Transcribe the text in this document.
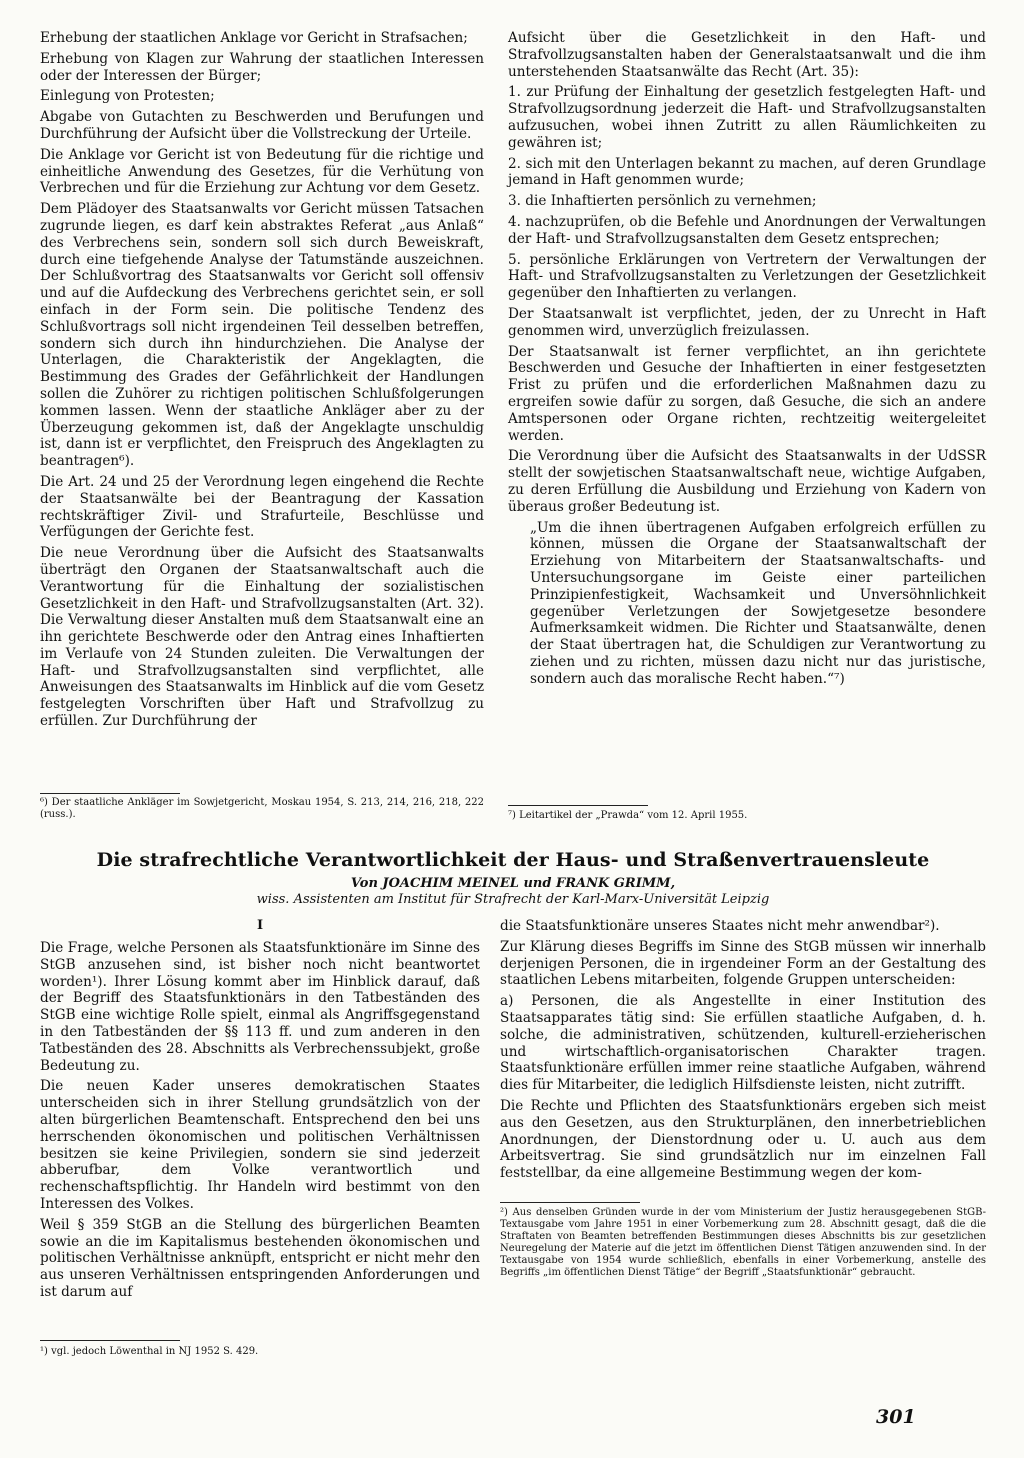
Erhebung der staatlichen Anklage vor Gericht in Strafsachen;

Erhebung von Klagen zur Wahrung der staatlichen Interessen oder der Interessen der Bürger;

Einlegung von Protesten;

Abgabe von Gutachten zu Beschwerden und Berufungen und Durchführung der Aufsicht über die Vollstreckung der Urteile.

Die Anklage vor Gericht ist von Bedeutung für die richtige und einheitliche Anwendung des Gesetzes, für die Verhütung von Verbrechen und für die Erziehung zur Achtung vor dem Gesetz.

Dem Plädoyer des Staatsanwalts vor Gericht müssen Tatsachen zugrunde liegen, es darf kein abstraktes Referat „aus Anlaß“ des Verbrechens sein, sondern soll sich durch Beweiskraft, durch eine tiefgehende Analyse der Tatumstände auszeichnen. Der Schlußvortrag des Staatsanwalts vor Gericht soll offensiv und auf die Aufdeckung des Verbrechens gerichtet sein, er soll einfach in der Form sein. Die politische Tendenz des Schlußvortrags soll nicht irgendeinen Teil desselben betreffen, sondern sich durch ihn hindurchziehen. Die Analyse der Unterlagen, die Charakteristik der Angeklagten, die Bestimmung des Grades der Gefährlichkeit der Handlungen sollen die Zuhörer zu richtigen politischen Schlußfolgerungen kommen lassen. Wenn der staatliche Ankläger aber zu der Überzeugung gekommen ist, daß der Angeklagte unschuldig ist, dann ist er verpflichtet, den Freispruch des Angeklagten zu beantragen⁶).

Die Art. 24 und 25 der Verordnung legen eingehend die Rechte der Staatsanwälte bei der Beantragung der Kassation rechtskräftiger Zivil- und Strafurteile, Beschlüsse und Verfügungen der Gerichte fest.

Die neue Verordnung über die Aufsicht des Staatsanwalts überträgt den Organen der Staatsanwaltschaft auch die Verantwortung für die Einhaltung der sozialistischen Gesetzlichkeit in den Haft- und Strafvollzugsanstalten (Art. 32). Die Verwaltung dieser Anstalten muß dem Staatsanwalt eine an ihn gerichtete Beschwerde oder den Antrag eines Inhaftierten im Verlaufe von 24 Stunden zuleiten. Die Verwaltungen der Haft- und Strafvollzugsanstalten sind verpflichtet, alle Anweisungen des Staatsanwalts im Hinblick auf die vom Gesetz festgelegten Vorschriften über Haft und Strafvollzug zu erfüllen. Zur Durchführung der

⁶) Der staatliche Ankläger im Sowjetgericht, Moskau 1954, S. 213, 214, 216, 218, 222 (russ.).

Aufsicht über die Gesetzlichkeit in den Haft- und Strafvollzugsanstalten haben der Generalstaatsanwalt und die ihm unterstehenden Staatsanwälte das Recht (Art. 35):

1. zur Prüfung der Einhaltung der gesetzlich festgelegten Haft- und Strafvollzugsordnung jederzeit die Haft- und Strafvollzugsanstalten aufzusuchen, wobei ihnen Zutritt zu allen Räumlichkeiten zu gewähren ist;

2. sich mit den Unterlagen bekannt zu machen, auf deren Grundlage jemand in Haft genommen wurde;

3. die Inhaftierten persönlich zu vernehmen;

4. nachzuprüfen, ob die Befehle und Anordnungen der Verwaltungen der Haft- und Strafvollzugsanstalten dem Gesetz entsprechen;

5. persönliche Erklärungen von Vertretern der Verwaltungen der Haft- und Strafvollzugsanstalten zu Verletzungen der Gesetzlichkeit gegenüber den Inhaftierten zu verlangen.

Der Staatsanwalt ist verpflichtet, jeden, der zu Unrecht in Haft genommen wird, unverzüglich freizulassen.

Der Staatsanwalt ist ferner verpflichtet, an ihn gerichtete Beschwerden und Gesuche der Inhaftierten in einer festgesetzten Frist zu prüfen und die erforderlichen Maßnahmen dazu zu ergreifen sowie dafür zu sorgen, daß Gesuche, die sich an andere Amtspersonen oder Organe richten, rechtzeitig weitergeleitet werden.

Die Verordnung über die Aufsicht des Staatsanwalts in der UdSSR stellt der sowjetischen Staatsanwaltschaft neue, wichtige Aufgaben, zu deren Erfüllung die Ausbildung und Erziehung von Kadern von überaus großer Bedeutung ist.

„Um die ihnen übertragenen Aufgaben erfolgreich erfüllen zu können, müssen die Organe der Staatsanwaltschaft der Erziehung von Mitarbeitern der Staatsanwaltschafts- und Untersuchungsorgane im Geiste einer parteilichen Prinzipienfestigkeit, Wachsamkeit und Unversöhnlichkeit gegenüber Verletzungen der Sowjetgesetze besondere Aufmerksamkeit widmen. Die Richter und Staatsanwälte, denen der Staat übertragen hat, die Schuldigen zur Verantwortung zu ziehen und zu richten, müssen dazu nicht nur das juristische, sondern auch das moralische Recht haben.“⁷)

⁷) Leitartikel der „Prawda“ vom 12. April 1955.

Die strafrechtliche Verantwortlichkeit der Haus- und Straßenvertrauensleute
Von JOACHIM MEINEL und FRANK GRIMM,
wiss. Assistenten am Institut für Strafrecht der Karl-Marx-Universität Leipzig
I

Die Frage, welche Personen als Staatsfunktionäre im Sinne des StGB anzusehen sind, ist bisher noch nicht beantwortet worden¹). Ihrer Lösung kommt aber im Hinblick darauf, daß der Begriff des Staatsfunktionärs in den Tatbeständen des StGB eine wichtige Rolle spielt, einmal als Angriffsgegenstand in den Tatbeständen der §§ 113 ff. und zum anderen in den Tatbeständen des 28. Abschnitts als Verbrechenssubjekt, große Bedeutung zu.

Die neuen Kader unseres demokratischen Staates unterscheiden sich in ihrer Stellung grundsätzlich von der alten bürgerlichen Beamtenschaft. Entsprechend den bei uns herrschenden ökonomischen und politischen Verhältnissen besitzen sie keine Privilegien, sondern sie sind jederzeit abberufbar, dem Volke verantwortlich und rechenschaftspflichtig. Ihr Handeln wird bestimmt von den Interessen des Volkes.

Weil § 359 StGB an die Stellung des bürgerlichen Beamten sowie an die im Kapitalismus bestehenden ökonomischen und politischen Verhältnisse anknüpft, entspricht er nicht mehr den aus unseren Verhältnissen entspringenden Anforderungen und ist darum auf

¹) vgl. jedoch Löwenthal in NJ 1952 S. 429.

die Staatsfunktionäre unseres Staates nicht mehr anwendbar²).

Zur Klärung dieses Begriffs im Sinne des StGB müssen wir innerhalb derjenigen Personen, die in irgendeiner Form an der Gestaltung des staatlichen Lebens mitarbeiten, folgende Gruppen unterscheiden:

a) Personen, die als Angestellte in einer Institution des Staatsapparates tätig sind: Sie erfüllen staatliche Aufgaben, d. h. solche, die administrativen, schützenden, kulturell-erzieherischen und wirtschaftlich-organisatorischen Charakter tragen. Staatsfunktionäre erfüllen immer reine staatliche Aufgaben, während dies für Mitarbeiter, die lediglich Hilfsdienste leisten, nicht zutrifft.

Die Rechte und Pflichten des Staatsfunktionärs ergeben sich meist aus den Gesetzen, aus den Strukturplänen, den innerbetrieblichen Anordnungen, der Dienstordnung oder u. U. auch aus dem Arbeitsvertrag. Sie sind grundsätzlich nur im einzelnen Fall feststellbar, da eine allgemeine Bestimmung wegen der kom-

²) Aus denselben Gründen wurde in der vom Ministerium der Justiz herausgegebenen StGB-Textausgabe vom Jahre 1951 in einer Vorbemerkung zum 28. Abschnitt gesagt, daß die die Straftaten von Beamten betreffenden Bestimmungen dieses Abschnitts bis zur gesetzlichen Neuregelung der Materie auf die jetzt im öffentlichen Dienst Tätigen anzuwenden sind. In der Textausgabe von 1954 wurde schließlich, ebenfalls in einer Vorbemerkung, anstelle des Begriffs „im öffentlichen Dienst Tätige“ der Begriff „Staatsfunktionär“ gebraucht.

301
